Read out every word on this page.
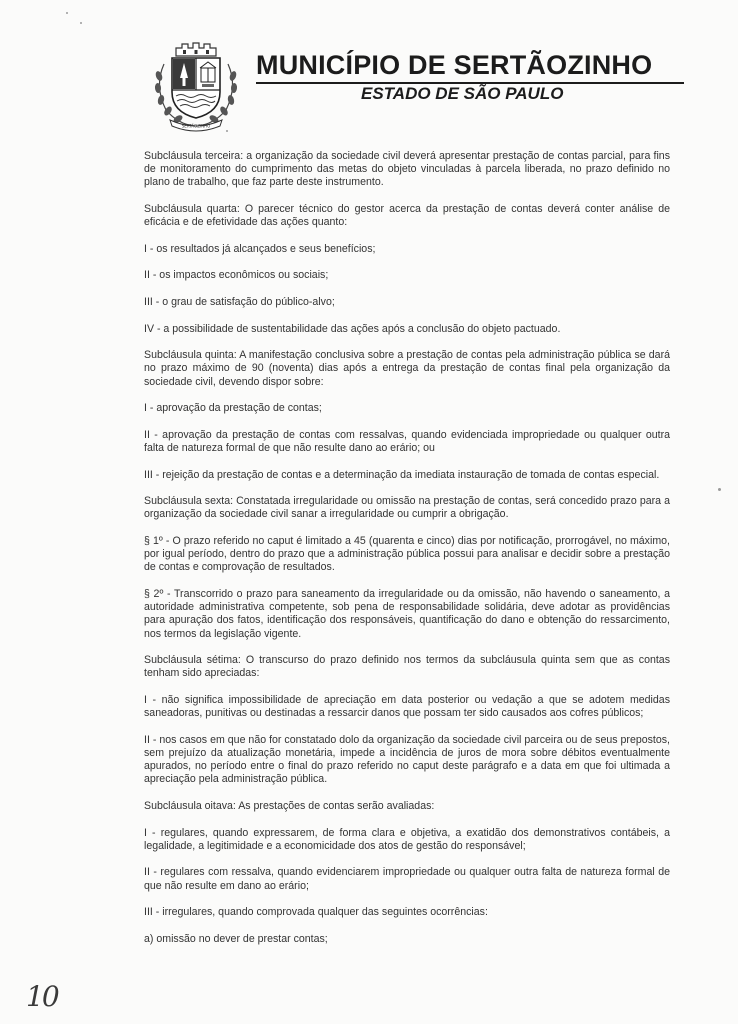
SERTÃOZINHO
MUNICÍPIO DE SERTÃOZINHO
ESTADO DE SÃO PAULO

Subcláusula terceira: a organização da sociedade civil deverá apresentar prestação de contas parcial, para fins de monitoramento do cumprimento das metas do objeto vinculadas à parcela liberada, no prazo definido no plano de trabalho, que faz parte deste instrumento.

Subcláusula quarta: O parecer técnico do gestor acerca da prestação de contas deverá conter análise de eficácia e de efetividade das ações quanto:

I - os resultados já alcançados e seus benefícios;

II - os impactos econômicos ou sociais;

III - o grau de satisfação do público-alvo;

IV - a possibilidade de sustentabilidade das ações após a conclusão do objeto pactuado.

Subcláusula quinta: A manifestação conclusiva sobre a prestação de contas pela administração pública se dará no prazo máximo de 90 (noventa) dias após a entrega da prestação de contas final pela organização da sociedade civil, devendo dispor sobre:

I - aprovação da prestação de contas;

II - aprovação da prestação de contas com ressalvas, quando evidenciada impropriedade ou qualquer outra falta de natureza formal de que não resulte dano ao erário; ou

III - rejeição da prestação de contas e a determinação da imediata instauração de tomada de contas especial.

Subcláusula sexta: Constatada irregularidade ou omissão na prestação de contas, será concedido prazo para a organização da sociedade civil sanar a irregularidade ou cumprir a obrigação.

§ 1º - O prazo referido no caput é limitado a 45 (quarenta e cinco) dias por notificação, prorrogável, no máximo, por igual período, dentro do prazo que a administração pública possui para analisar e decidir sobre a prestação de contas e comprovação de resultados.

§ 2º - Transcorrido o prazo para saneamento da irregularidade ou da omissão, não havendo o saneamento, a autoridade administrativa competente, sob pena de responsabilidade solidária, deve adotar as providências para apuração dos fatos, identificação dos responsáveis, quantificação do dano e obtenção do ressarcimento, nos termos da legislação vigente.

Subcláusula sétima: O transcurso do prazo definido nos termos da subcláusula quinta sem que as contas tenham sido apreciadas:

I - não significa impossibilidade de apreciação em data posterior ou vedação a que se adotem medidas saneadoras, punitivas ou destinadas a ressarcir danos que possam ter sido causados aos cofres públicos;

II - nos casos em que não for constatado dolo da organização da sociedade civil parceira ou de seus prepostos, sem prejuízo da atualização monetária, impede a incidência de juros de mora sobre débitos eventualmente apurados, no período entre o final do prazo referido no caput deste parágrafo e a data em que foi ultimada a apreciação pela administração pública.

Subcláusula oitava: As prestações de contas serão avaliadas:

I - regulares, quando expressarem, de forma clara e objetiva, a exatidão dos demonstrativos contábeis, a legalidade, a legitimidade e a economicidade dos atos de gestão do responsável;

II - regulares com ressalva, quando evidenciarem impropriedade ou qualquer outra falta de natureza formal de que não resulte em dano ao erário;

III - irregulares, quando comprovada qualquer das seguintes ocorrências:

a) omissão no dever de prestar contas;

10
